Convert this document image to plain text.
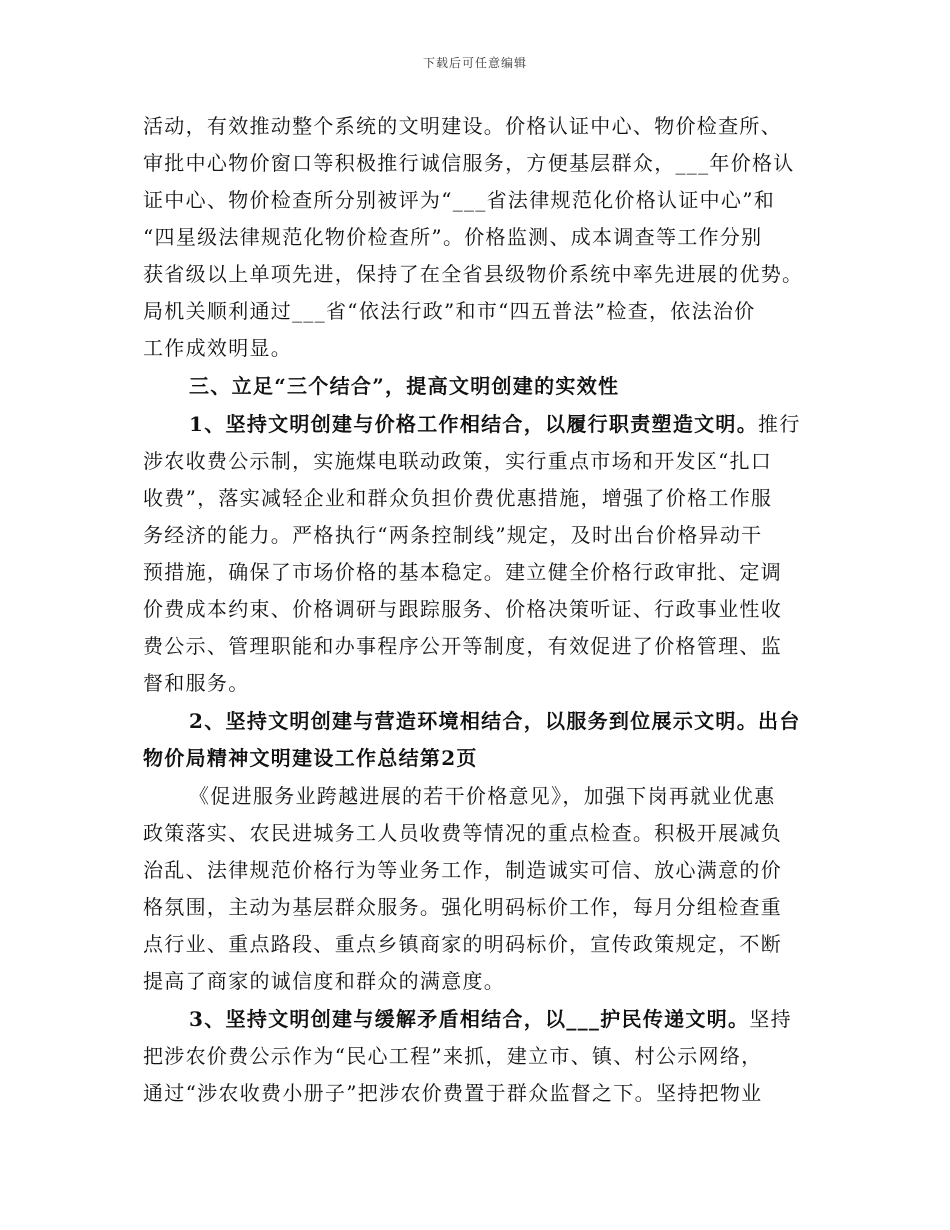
下载后可任意编辑
活动，有效推动整个系统的文明建设。价格认证中心、物价检查所、
审批中心物价窗口等积极推行诚信服务，方便基层群众，___年价格认
证中心、物价检查所分别被评为“___省法律规范化价格认证中心”和
“四星级法律规范化物价检查所”。价格监测、成本调查等工作分别
获省级以上单项先进，保持了在全省县级物价系统中率先进展的优势。
局机关顺利通过___省“依法行政”和市“四五普法”检查，依法治价
工作成效明显。
三、立足“三个结合”，提高文明创建的实效性
1、坚持文明创建与价格工作相结合，以履行职责塑造文明。推行
涉农收费公示制，实施煤电联动政策，实行重点市场和开发区“扎口
收费”，落实减轻企业和群众负担价费优惠措施，增强了价格工作服
务经济的能力。严格执行“两条控制线”规定，及时出台价格异动干
预措施，确保了市场价格的基本稳定。建立健全价格行政审批、定调
价费成本约束、价格调研与跟踪服务、价格决策听证、行政事业性收
费公示、管理职能和办事程序公开等制度，有效促进了价格管理、监
督和服务。
2、坚持文明创建与营造环境相结合，以服务到位展示文明。出台
物价局精神文明建设工作总结第2页
《促进服务业跨越进展的若干价格意见》，加强下岗再就业优惠
政策落实、农民进城务工人员收费等情况的重点检查。积极开展减负
治乱、法律规范价格行为等业务工作，制造诚实可信、放心满意的价
格氛围，主动为基层群众服务。强化明码标价工作，每月分组检查重
点行业、重点路段、重点乡镇商家的明码标价，宣传政策规定，不断
提高了商家的诚信度和群众的满意度。
3、坚持文明创建与缓解矛盾相结合，以___护民传递文明。坚持
把涉农价费公示作为“民心工程”来抓，建立市、镇、村公示网络，
通过“涉农收费小册子”把涉农价费置于群众监督之下。坚持把物业
